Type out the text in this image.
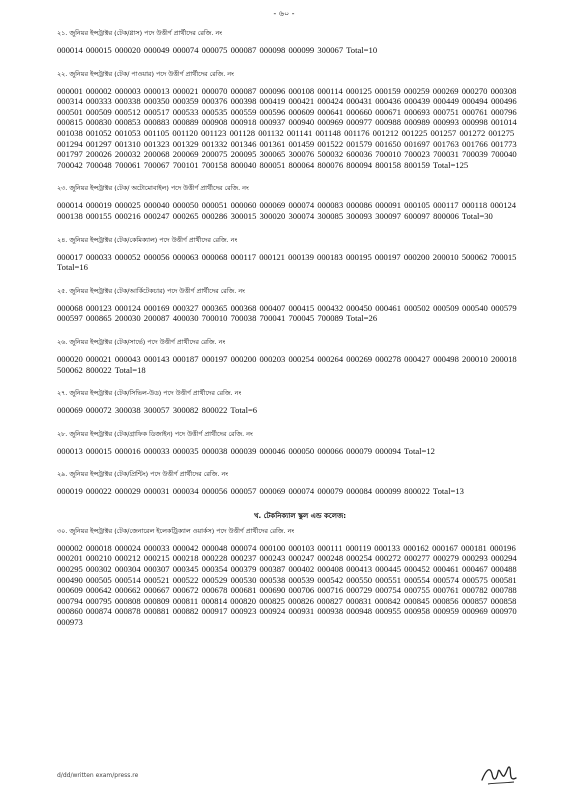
- ৬০ -
২১. জুনিয়র ইন্সট্রাক্টর (টেক/গ্লাস) পদে উত্তীর্ণ প্রার্থীদের রেজি. নং
000014 000015 000020 000049 000074 000075 000087 000098 000099 300067 Total=10
২২. জুনিয়র ইন্সট্রাক্টর (টেক/ পাওয়ার) পদে উত্তীর্ণ প্রার্থীদের রেজি. নং
000001 000002 000003 000013 000021 000070 000087 000096 000108 000114 000125 000159 000259 000269 000270 000308 000314 000333 000338 000350 000359 000376 000398 000419 000421 000424 000431 000436 000439 000449 000494 000496 000501 000509 000512 000517 000533 000535 000559 000596 000609 000641 000660 000671 000693 000751 000761 000796 000815 000830 000853 000883 000889 000908 000918 000937 000940 000969 000977 000988 000989 000993 000998 001014 001038 001052 001053 001105 001120 001123 001128 001132 001141 001148 001176 001212 001225 001257 001272 001275 001294 001297 001310 001323 001329 001332 001346 001361 001459 001522 001579 001650 001697 001763 001766 001773 001797 200026 200032 200068 200069 200075 200095 300065 300076 500032 600036 700010 700023 700031 700039 700040 700042 700048 700061 700067 700101 700158 800040 800051 800064 800076 800094 800158 800159 Total=125
২৩. জুনিয়র ইন্সট্রাক্টর (টেক/ অটোমোবাইল) পদে উত্তীর্ণ প্রার্থীদের রেজি. নং
000014 000019 000025 000040 000050 000051 000060 000069 000074 000083 000086 000091 000105 000117 000118 000124 000138 000155 000216 000247 000265 000286 300015 300020 300074 300085 300093 300097 600097 800006 Total=30
২৪. জুনিয়র ইন্সট্রাক্টর (টেক/কেমিক্যাল) পদে উত্তীর্ণ প্রার্থীদের রেজি. নং
000017 000033 000052 000056 000063 000068 000117 000121 000139 000183 000195 000197 000200 200010 500062 700015 Total=16
২৫. জুনিয়র ইন্সট্রাক্টর (টেক/আর্কিটেকচার) পদে উত্তীর্ণ প্রার্থীদের রেজি. নং
000068 000123 000124 000169 000327 000365 000368 000407 000415 000432 000450 000461 000502 000509 000540 000579 000597 000865 200030 200087 400030 700010 700038 700041 700045 700089 Total=26
২৬. জুনিয়র ইন্সট্রাক্টর (টেক/সার্ভে) পদে উত্তীর্ণ প্রার্থীদের রেজি. নং
000020 000021 000043 000143 000187 000197 000200 000203 000254 000264 000269 000278 000427 000498 200010 200018 500062 800022 Total=18
২৭. জুনিয়র ইন্সট্রাক্টর (টেক/সিভিল-উড) পদে উত্তীর্ণ প্রার্থীদের রেজি. নং
000069 000072 300038 300057 300082 800022 Total=6
২৮. জুনিয়র ইন্সট্রাক্টর (টেক/গ্রাফিক ডিজাইন) পদে উত্তীর্ণ প্রার্থীদের রেজি. নং
000013 000015 000016 000033 000035 000038 000039 000046 000050 000066 000079 000094 Total=12
২৯. জুনিয়র ইন্সট্রাক্টর (টেক/প্রিন্টিং) পদে উত্তীর্ণ প্রার্থীদের রেজি. নং
000019 000022 000029 000031 000034 000056 000057 000069 000074 000079 000084 000099 800022 Total=13
খ. টেকনিক্যাল স্কুল এন্ড কলেজ:
৩০. জুনিয়র ইন্সট্রাক্টর (টেক/জেনারেল ইলেকট্রিক্যাল ওয়ার্কস) পদে উত্তীর্ণ প্রার্থীদের রেজি. নং
000002 000018 000024 000033 000042 000048 000074 000100 000103 000111 000119 000133 000162 000167 000181 000196 000201 000210 000212 000215 000218 000228 000237 000243 000247 000248 000254 000272 000277 000279 000293 000294 000295 000302 000304 000307 000345 000354 000379 000387 000402 000408 000413 000445 000452 000461 000467 000488 000490 000505 000514 000521 000522 000529 000530 000538 000539 000542 000550 000551 000554 000574 000575 000581 000609 000642 000662 000667 000672 000678 000681 000690 000706 000716 000729 000754 000755 000761 000782 000788 000794 000795 000808 000809 000811 000814 000820 000825 000826 000827 000831 000842 000845 000856 000857 000858 000860 000874 000878 000881 000882 000917 000923 000924 000931 000938 000948 000955 000958 000959 000969 000970 000973
d/dd/written exam/press.re
